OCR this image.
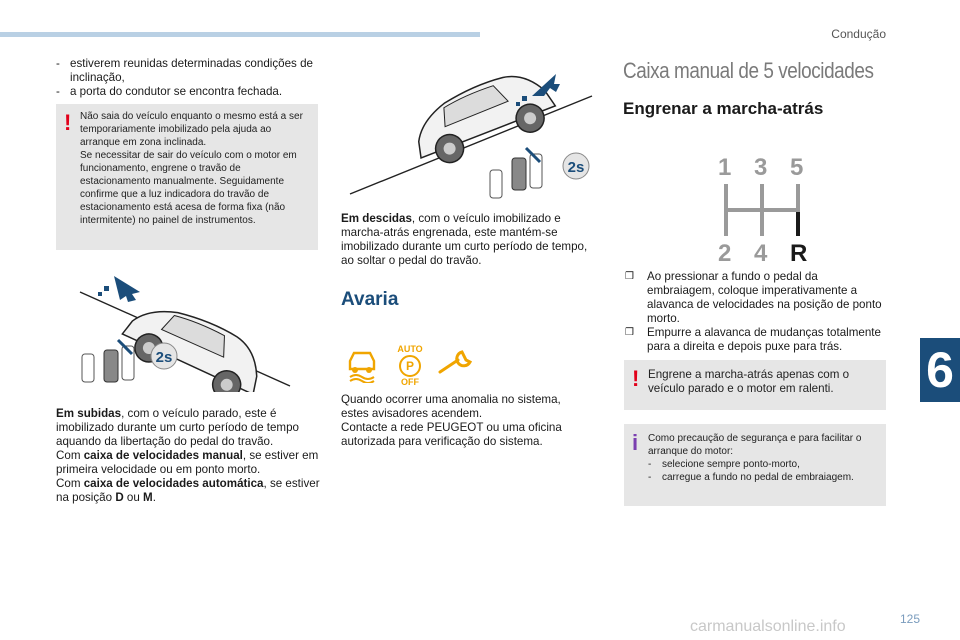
Condução
6
- estiverem reunidas determinadas condições de inclinação,
- a porta do condutor se encontra fechada.
! Não saia do veículo enquanto o mesmo está a ser temporariamente imobilizado pela ajuda ao arranque em zona inclinada.
Se necessitar de sair do veículo com o motor em funcionamento, engrene o travão de estacionamento manualmente. Seguidamente confirme que a luz indicadora do travão de estacionamento está acesa de forma fixa (não intermitente) no painel de instrumentos.
2s
Em subidas, com o veículo parado, este é imobilizado durante um curto período de tempo aquando da libertação do pedal do travão.
Com caixa de velocidades manual, se estiver em primeira velocidade ou em ponto morto.
Com caixa de velocidades automática, se estiver na posição D ou M.
2s
Em descidas, com o veículo imobilizado e marcha-atrás engrenada, este mantém-se imobilizado durante um curto período de tempo, ao soltar o pedal do travão.
Avaria
AUTO
P
OFF
Quando ocorrer uma anomalia no sistema, estes avisadores acendem.
Contacte a rede PEUGEOT ou uma oficina autorizada para verificação do sistema.
Caixa manual de 5 velocidades
Engrenar a marcha-atrás
1 3 5
2 4 R
❒ Ao pressionar a fundo o pedal da embraiagem, coloque imperativamente a alavanca de velocidades na posição de ponto morto.
❒ Empurre a alavanca de mudanças totalmente para a direita e depois puxe para trás.
! Engrene a marcha-atrás apenas com o veículo parado e o motor em ralenti.
i Como precaução de segurança e para facilitar o arranque do motor:
- selecione sempre ponto-morto,
- carregue a fundo no pedal de embraiagem.
125
carmanualsonline.info
